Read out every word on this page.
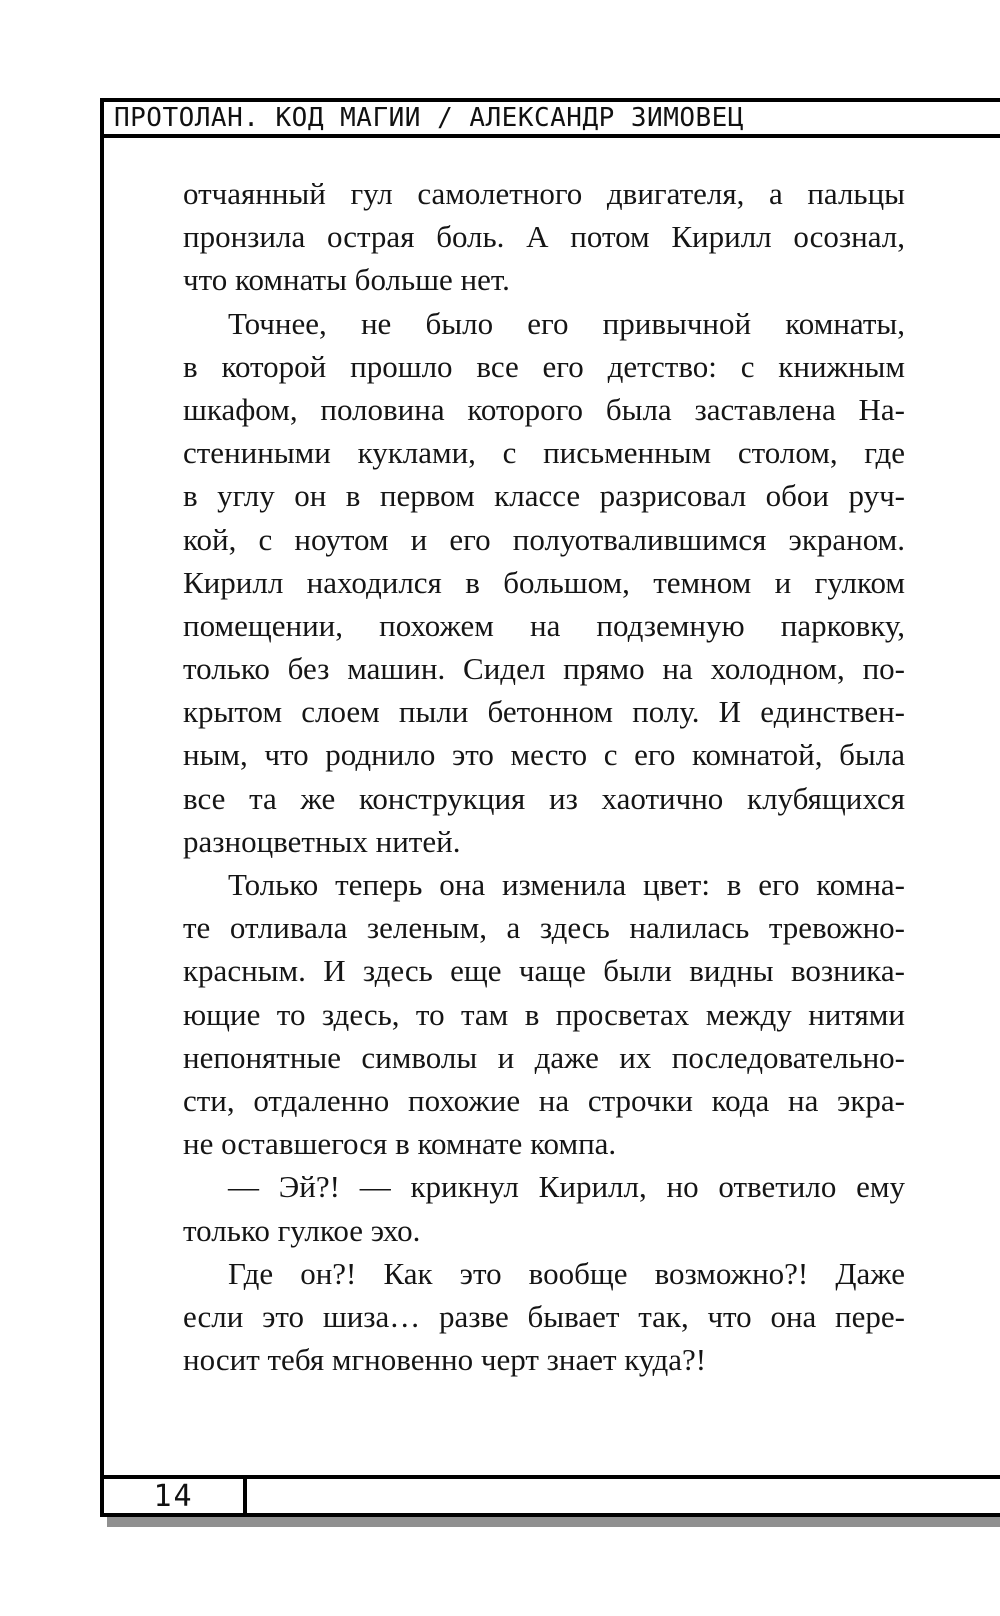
ПРОТОЛАН. КОД МАГИИ / АЛЕКСАНДР ЗИМОВЕЦ
отчаянный гул самолетного двигателя, а пальцы
пронзила острая боль. А потом Кирилл осознал,
что комнаты больше нет.
Точнее, не было его привычной комнаты,
в которой прошло все его детство: с книжным
шкафом, половина которого была заставлена На-
стениными куклами, с письменным столом, где
в углу он в первом классе разрисовал обои руч-
кой, с ноутом и его полуотвалившимся экраном.
Кирилл находился в большом, темном и гулком
помещении, похожем на подземную парковку,
только без машин. Сидел прямо на холодном, по-
крытом слоем пыли бетонном полу. И единствен-
ным, что роднило это место с его комнатой, была
все та же конструкция из хаотично клубящихся
разноцветных нитей.
Только теперь она изменила цвет: в его комна-
те отливала зеленым, а здесь налилась тревожно-
красным. И здесь еще чаще были видны возника-
ющие то здесь, то там в просветах между нитями
непонятные символы и даже их последовательно-
сти, отдаленно похожие на строчки кода на экра-
не оставшегося в комнате компа.
— Эй?! — крикнул Кирилл, но ответило ему
только гулкое эхо.
Где он?! Как это вообще возможно?! Даже
если это шиза… разве бывает так, что она пере-
носит тебя мгновенно черт знает куда?!
14
